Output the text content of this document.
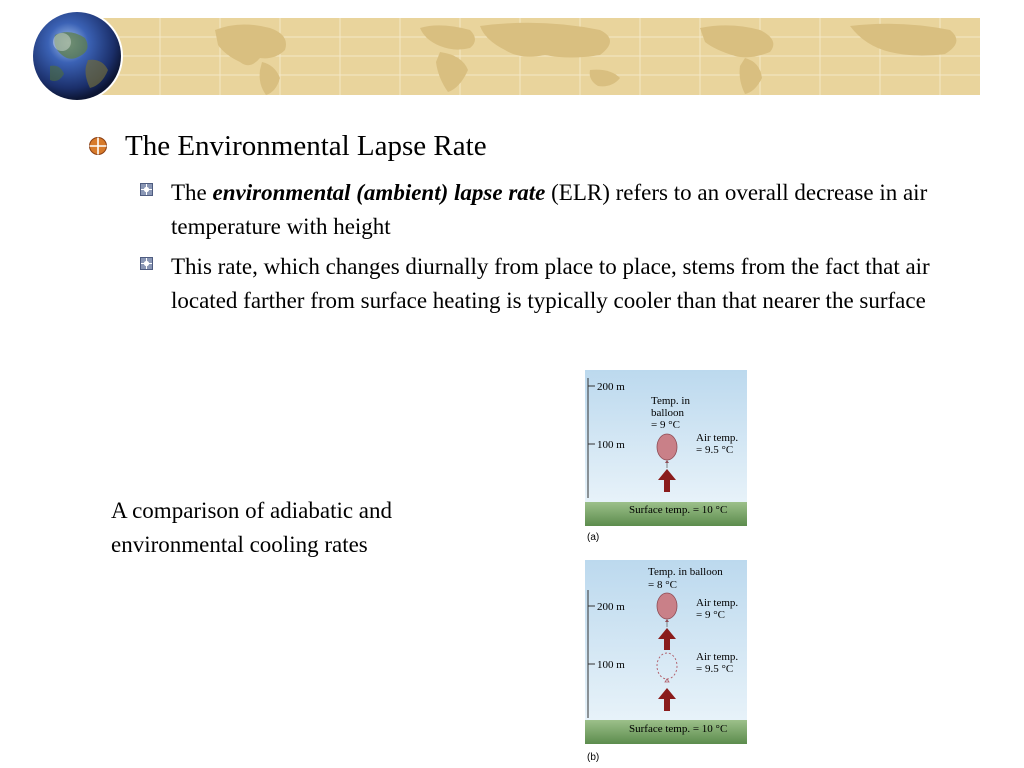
The Environmental Lapse Rate
The environmental (ambient) lapse rate (ELR) refers to an overall decrease in air temperature with height
This rate, which changes diurnally from place to place, stems from the fact that air located farther from surface heating is typically cooler than that nearer the surface
A comparison of adiabatic and environmental cooling rates
200 m
100 m
Temp. in
balloon
= 9 °C
Air temp.
= 9.5 °C
Surface temp. = 10 °C
(a)
200 m
100 m
Temp. in balloon
= 8 °C
Air temp.
= 9 °C
Air temp.
= 9.5 °C
Surface temp. = 10 °C
(b)
